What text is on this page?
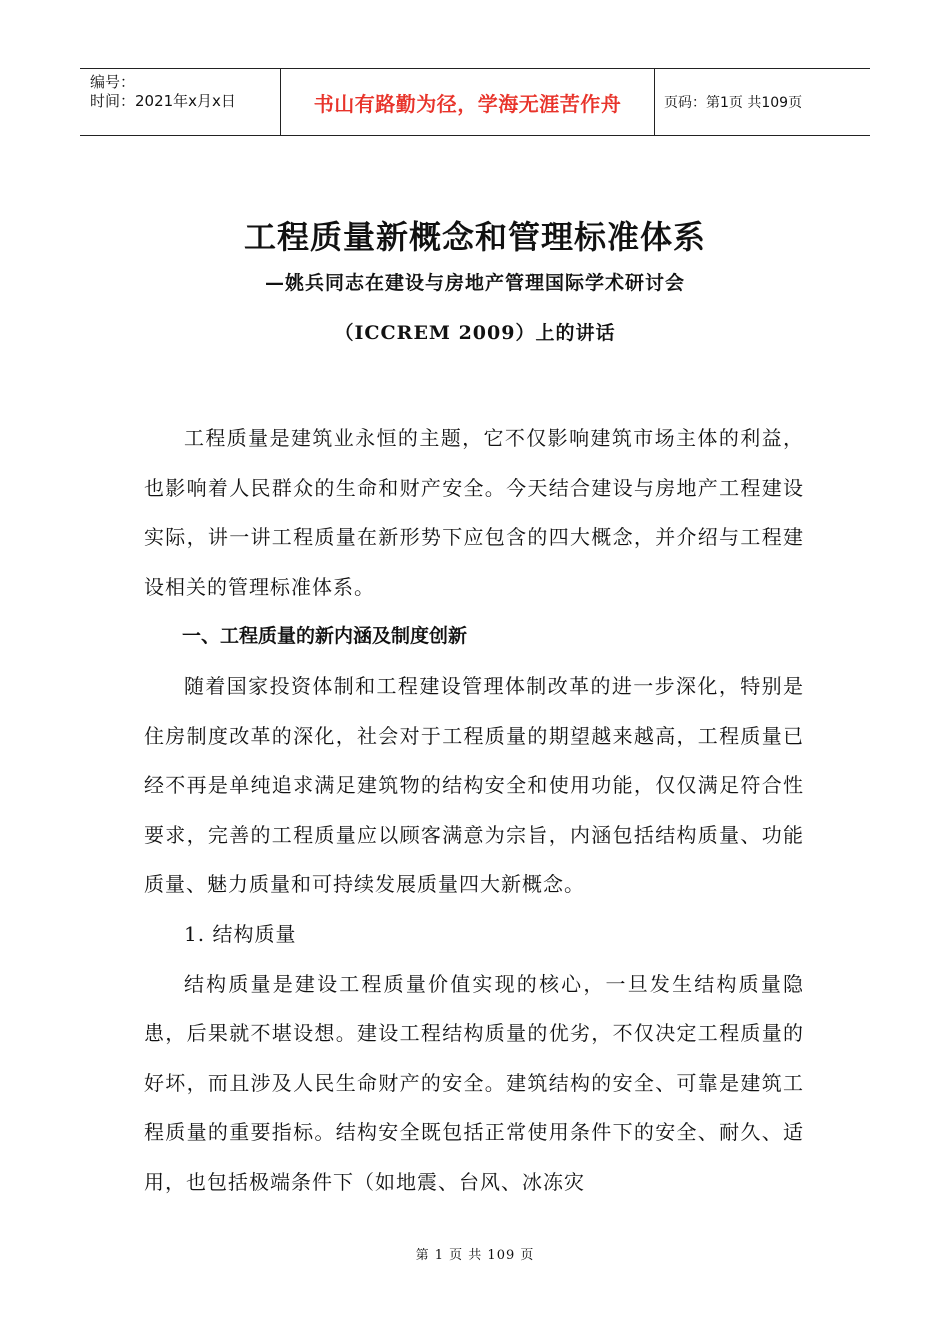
编号：
时间：2021年x月x日	书山有路勤为径，学海无涯苦作舟	页码：第1页 共109页
工程质量新概念和管理标准体系
—姚兵同志在建设与房地产管理国际学术研讨会
（ICCREM 2009）上的讲话

工程质量是建筑业永恒的主题，它不仅影响建筑市场主体的利益，也影响着人民群众的生命和财产安全。今天结合建设与房地产工程建设实际，讲一讲工程质量在新形势下应包含的四大概念，并介绍与工程建设相关的管理标准体系。

一、工程质量的新内涵及制度创新

随着国家投资体制和工程建设管理体制改革的进一步深化，特别是住房制度改革的深化，社会对于工程质量的期望越来越高，工程质量已经不再是单纯追求满足建筑物的结构安全和使用功能，仅仅满足符合性要求，完善的工程质量应以顾客满意为宗旨，内涵包括结构质量、功能质量、魅力质量和可持续发展质量四大新概念。

1. 结构质量

结构质量是建设工程质量价值实现的核心，一旦发生结构质量隐患，后果就不堪设想。建设工程结构质量的优劣，不仅决定工程质量的好坏，而且涉及人民生命财产的安全。建筑结构的安全、可靠是建筑工程质量的重要指标。结构安全既包括正常使用条件下的安全、耐久、适用，也包括极端条件下（如地震、台风、冰冻灾

第 1 页 共 109 页
